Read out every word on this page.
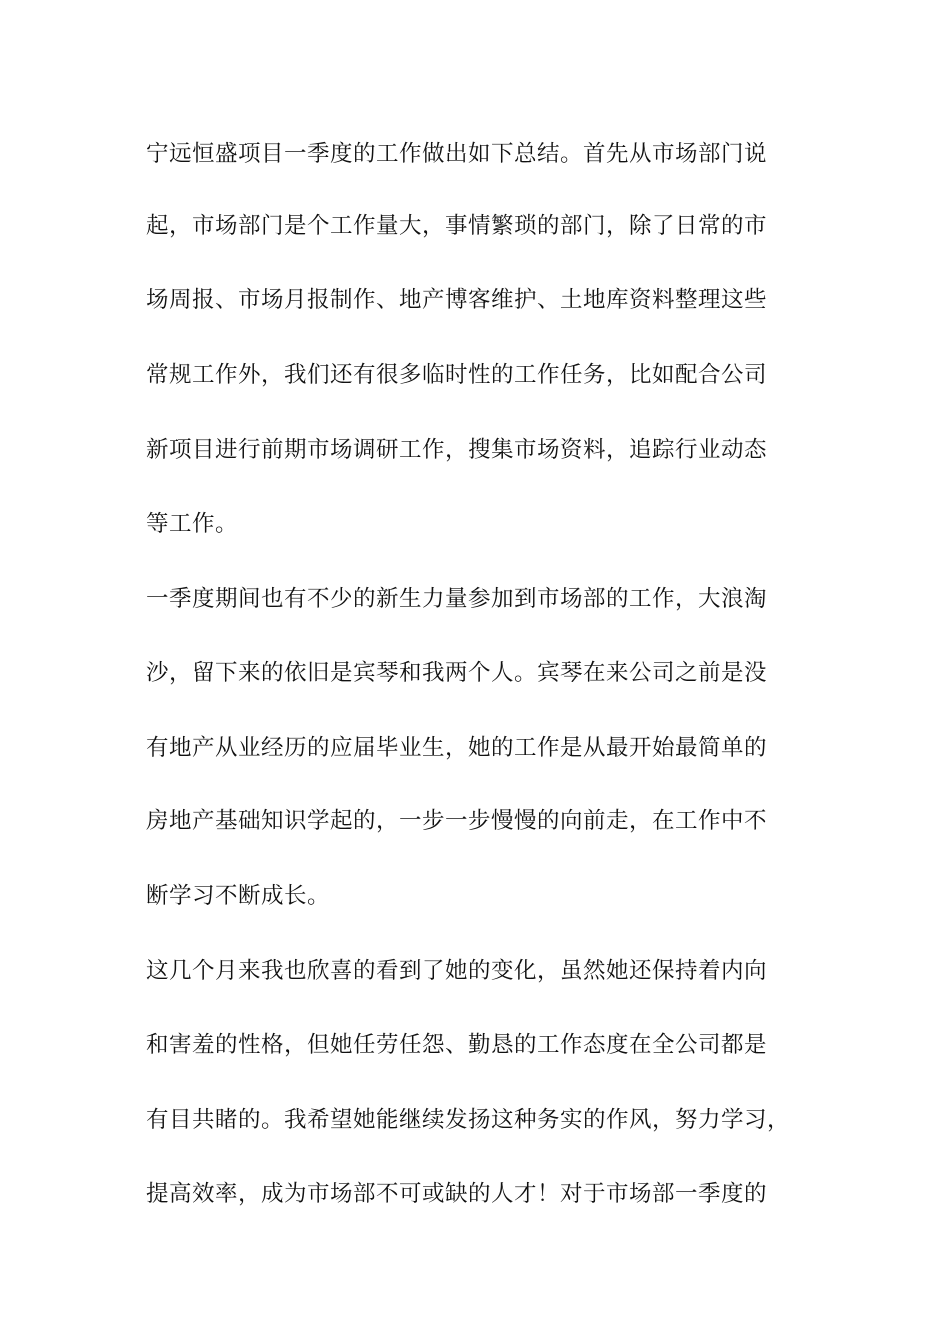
宁远恒盛项目一季度的工作做出如下总结。首先从市场部门说
起，市场部门是个工作量大，事情繁琐的部门，除了日常的市
场周报、市场月报制作、地产博客维护、土地库资料整理这些
常规工作外，我们还有很多临时性的工作任务，比如配合公司
新项目进行前期市场调研工作，搜集市场资料，追踪行业动态
等工作。
一季度期间也有不少的新生力量参加到市场部的工作，大浪淘
沙，留下来的依旧是宾琴和我两个人。宾琴在来公司之前是没
有地产从业经历的应届毕业生，她的工作是从最开始最简单的
房地产基础知识学起的，一步一步慢慢的向前走，在工作中不
断学习不断成长。
这几个月来我也欣喜的看到了她的变化，虽然她还保持着内向
和害羞的性格，但她任劳任怨、勤恳的工作态度在全公司都是
有目共睹的。我希望她能继续发扬这种务实的作风，努力学习，
提高效率，成为市场部不可或缺的人才！对于市场部一季度的
